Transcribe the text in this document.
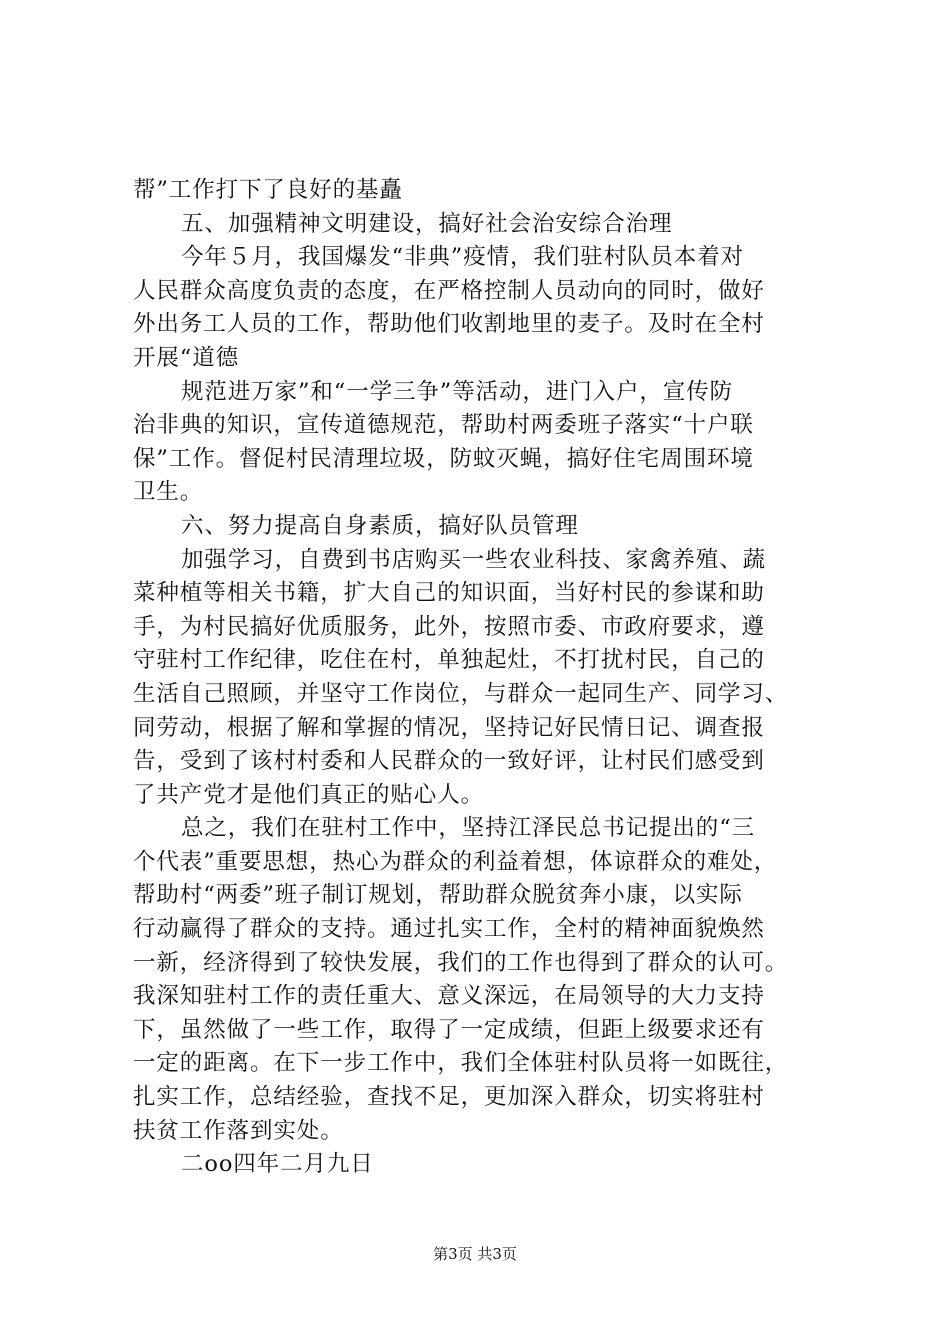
帮”工作打下了良好的基矗
五、加强精神文明建设，搞好社会治安综合治理
今年５月，我国爆发“非典”疫情，我们驻村队员本着对
人民群众高度负责的态度，在严格控制人员动向的同时，做好
外出务工人员的工作，帮助他们收割地里的麦子。及时在全村
开展“道德
规范进万家”和“一学三争”等活动，进门入户，宣传防
治非典的知识，宣传道德规范，帮助村两委班子落实“十户联
保”工作。督促村民清理垃圾，防蚊灭蝇，搞好住宅周围环境
卫生。
六、努力提高自身素质，搞好队员管理
加强学习，自费到书店购买一些农业科技、家禽养殖、蔬
菜种植等相关书籍，扩大自己的知识面，当好村民的参谋和助
手，为村民搞好优质服务，此外，按照市委、市政府要求，遵
守驻村工作纪律，吃住在村，单独起灶，不打扰村民，自己的
生活自己照顾，并坚守工作岗位，与群众一起同生产、同学习、
同劳动，根据了解和掌握的情况，坚持记好民情日记、调查报
告，受到了该村村委和人民群众的一致好评，让村民们感受到
了共产党才是他们真正的贴心人。
总之，我们在驻村工作中，坚持江泽民总书记提出的“三
个代表”重要思想，热心为群众的利益着想，体谅群众的难处，
帮助村“两委”班子制订规划，帮助群众脱贫奔小康，以实际
行动赢得了群众的支持。通过扎实工作，全村的精神面貌焕然
一新，经济得到了较快发展，我们的工作也得到了群众的认可。
我深知驻村工作的责任重大、意义深远，在局领导的大力支持
下，虽然做了一些工作，取得了一定成绩，但距上级要求还有
一定的距离。在下一步工作中，我们全体驻村队员将一如既往，
扎实工作，总结经验，查找不足，更加深入群众，切实将驻村
扶贫工作落到实处。
二oo四年二月九日
第3页 共3页
